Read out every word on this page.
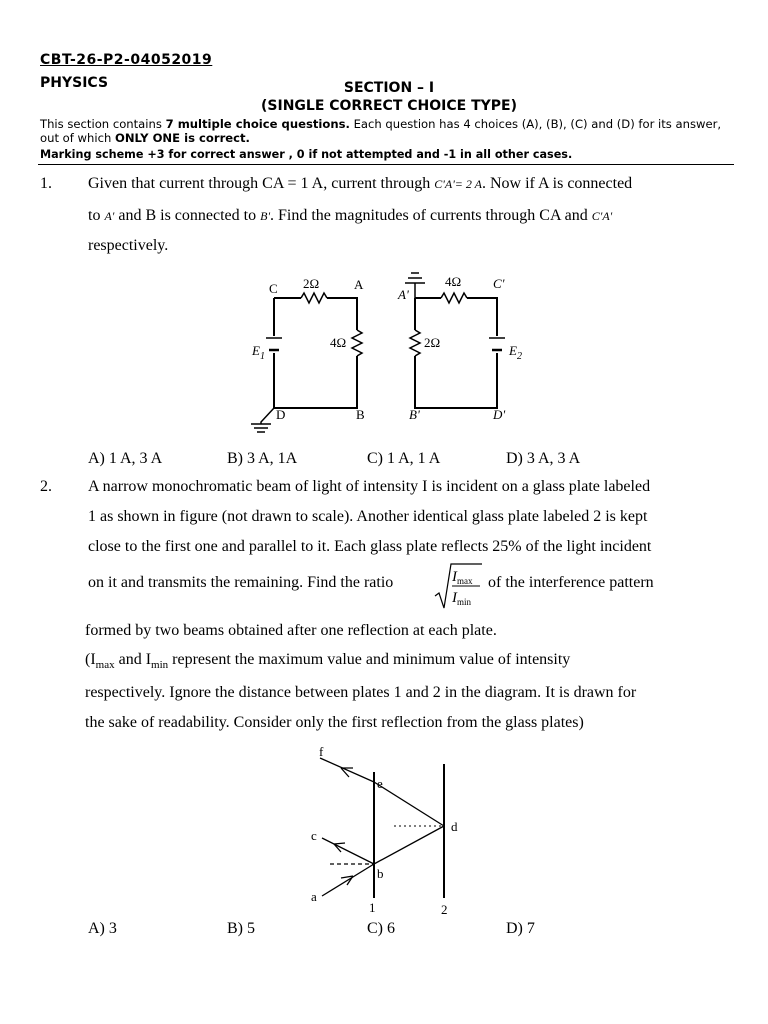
CBT-26-P2-04052019
PHYSICS	SECTION – I
(SINGLE CORRECT CHOICE TYPE)
This section contains 7 multiple choice questions. Each question has 4 choices (A), (B), (C) and (D) for its answer, out of which ONLY ONE is correct.
Marking scheme +3 for correct answer , 0 if not attempted and -1 in all other cases.
1. Given that current through CA = 1 A, current through C'A'= 2 A. Now if A is connected
to A' and B is connected to B'. Find the magnitudes of currents through CA and C'A'
respectively.
C	A
2Ω
4Ω
$E_1$
D	B
A'
C'
4Ω
2Ω
$E_2$
B'	D'
A) 1 A, 3 A	B) 3 A, 1A	C) 1 A, 1 A	D) 3 A, 3 A
2. A narrow monochromatic beam of light of intensity I is incident on a glass plate labeled
1 as shown in figure (not drawn to scale). Another identical glass plate labeled 2 is kept
close to the first one and parallel to it. Each glass plate reflects 25% of the light incident
on it and transmits the remaining. Find the ratio	$I_{max}$
$I_{min}$
of the interference pattern
formed by two beams obtained after one reflection at each plate.
($I_{max}$ and $I_{min}$ represent the maximum value and minimum value of intensity
respectively. Ignore the distance between plates 1 and 2 in the diagram. It is drawn for
the sake of readability. Consider only the first reflection from the glass plates)
f
e
c
d
b
a
1	2
A) 3	B) 5	C) 6	D) 7
